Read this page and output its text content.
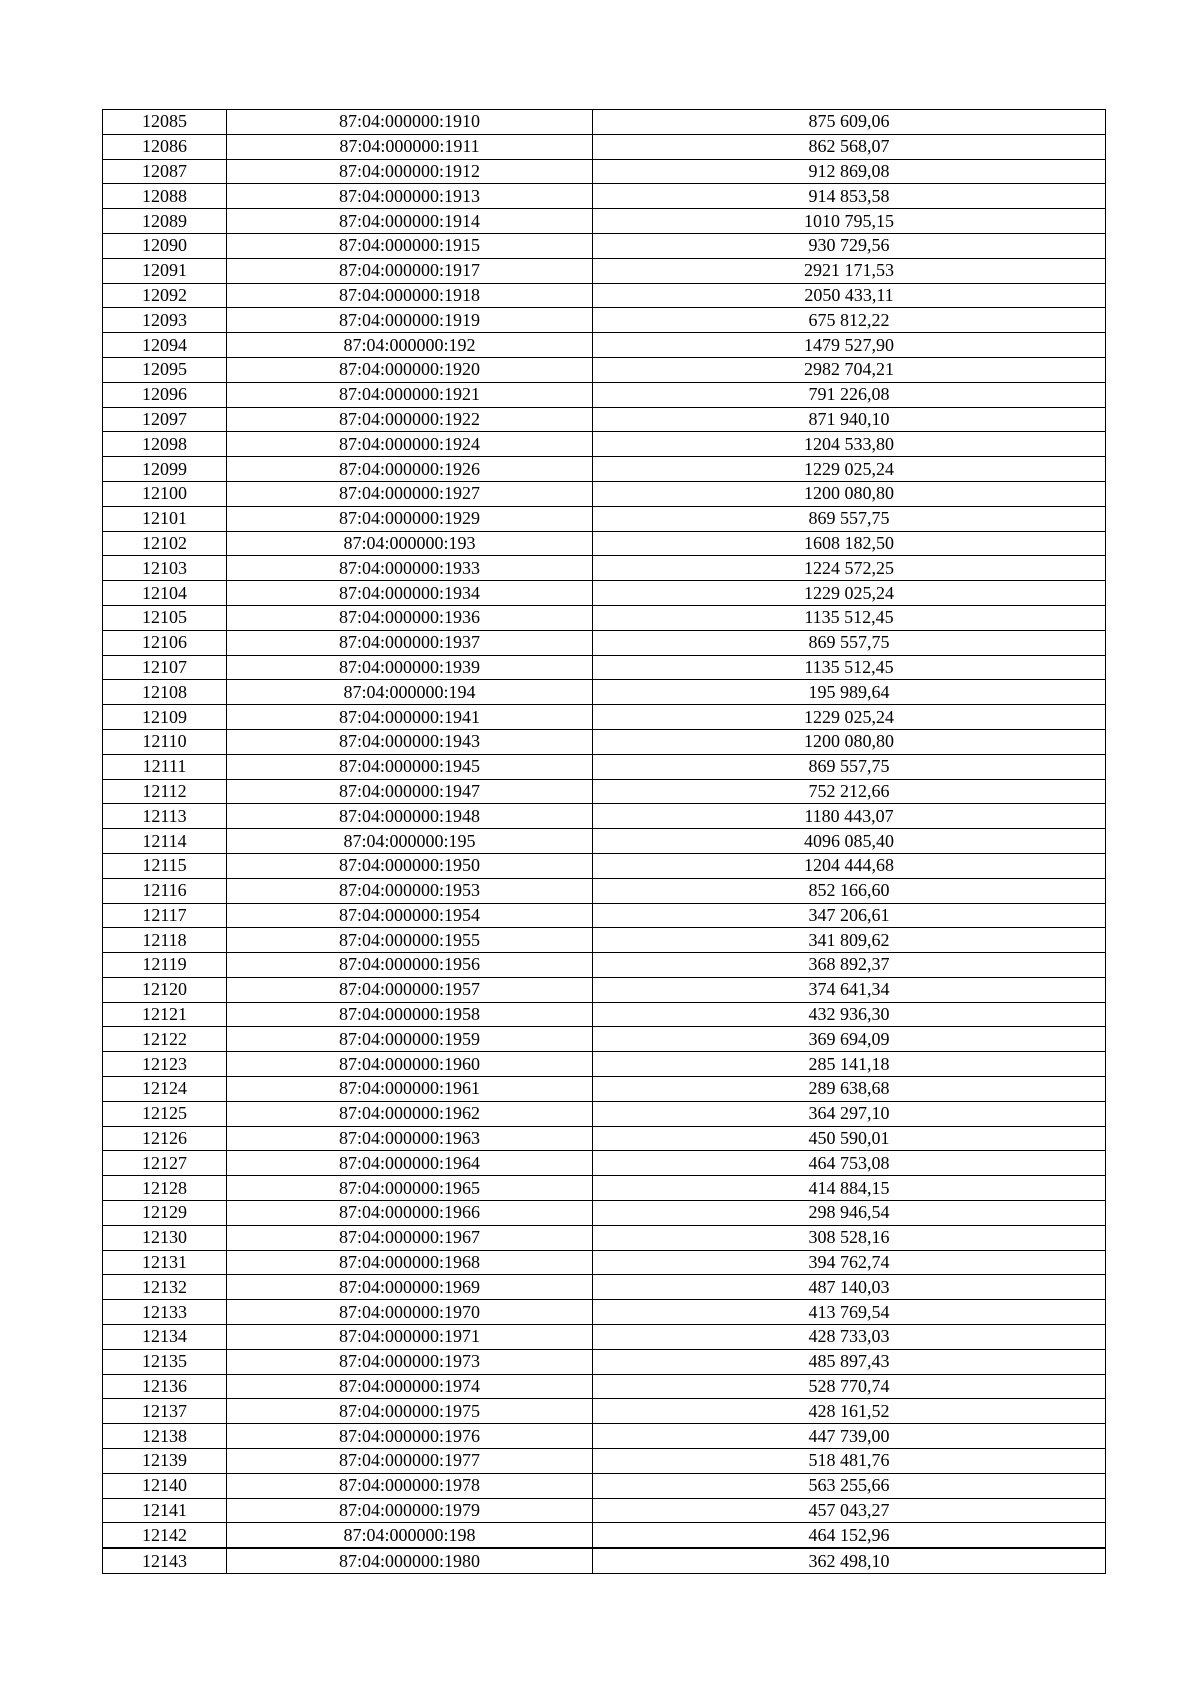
12085	87:04:000000:1910	875 609,06
12086	87:04:000000:1911	862 568,07
12087	87:04:000000:1912	912 869,08
12088	87:04:000000:1913	914 853,58
12089	87:04:000000:1914	1010 795,15
12090	87:04:000000:1915	930 729,56
12091	87:04:000000:1917	2921 171,53
12092	87:04:000000:1918	2050 433,11
12093	87:04:000000:1919	675 812,22
12094	87:04:000000:192	1479 527,90
12095	87:04:000000:1920	2982 704,21
12096	87:04:000000:1921	791 226,08
12097	87:04:000000:1922	871 940,10
12098	87:04:000000:1924	1204 533,80
12099	87:04:000000:1926	1229 025,24
12100	87:04:000000:1927	1200 080,80
12101	87:04:000000:1929	869 557,75
12102	87:04:000000:193	1608 182,50
12103	87:04:000000:1933	1224 572,25
12104	87:04:000000:1934	1229 025,24
12105	87:04:000000:1936	1135 512,45
12106	87:04:000000:1937	869 557,75
12107	87:04:000000:1939	1135 512,45
12108	87:04:000000:194	195 989,64
12109	87:04:000000:1941	1229 025,24
12110	87:04:000000:1943	1200 080,80
12111	87:04:000000:1945	869 557,75
12112	87:04:000000:1947	752 212,66
12113	87:04:000000:1948	1180 443,07
12114	87:04:000000:195	4096 085,40
12115	87:04:000000:1950	1204 444,68
12116	87:04:000000:1953	852 166,60
12117	87:04:000000:1954	347 206,61
12118	87:04:000000:1955	341 809,62
12119	87:04:000000:1956	368 892,37
12120	87:04:000000:1957	374 641,34
12121	87:04:000000:1958	432 936,30
12122	87:04:000000:1959	369 694,09
12123	87:04:000000:1960	285 141,18
12124	87:04:000000:1961	289 638,68
12125	87:04:000000:1962	364 297,10
12126	87:04:000000:1963	450 590,01
12127	87:04:000000:1964	464 753,08
12128	87:04:000000:1965	414 884,15
12129	87:04:000000:1966	298 946,54
12130	87:04:000000:1967	308 528,16
12131	87:04:000000:1968	394 762,74
12132	87:04:000000:1969	487 140,03
12133	87:04:000000:1970	413 769,54
12134	87:04:000000:1971	428 733,03
12135	87:04:000000:1973	485 897,43
12136	87:04:000000:1974	528 770,74
12137	87:04:000000:1975	428 161,52
12138	87:04:000000:1976	447 739,00
12139	87:04:000000:1977	518 481,76
12140	87:04:000000:1978	563 255,66
12141	87:04:000000:1979	457 043,27
12142	87:04:000000:198	464 152,96
12143	87:04:000000:1980	362 498,10
